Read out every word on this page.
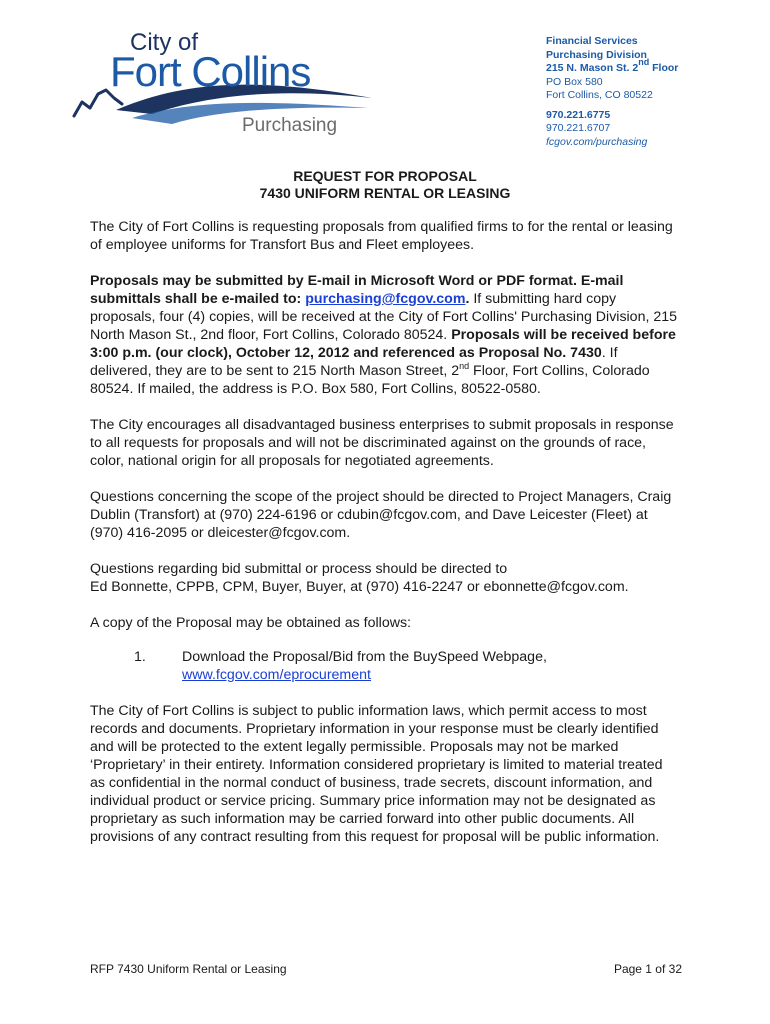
City of
Fort Collins
Purchasing
Financial Services
Purchasing Division
215 N. Mason St. 2nd Floor
PO Box 580
Fort Collins, CO 80522
970.221.6775
970.221.6707
fcgov.com/purchasing
REQUEST FOR PROPOSAL
7430 UNIFORM RENTAL OR LEASING

The City of Fort Collins is requesting proposals from qualified firms to for the rental or leasing of employee uniforms for Transfort Bus and Fleet employees.

Proposals may be submitted by E-mail in Microsoft Word or PDF format. E-mail submittals shall be e-mailed to: purchasing@fcgov.com. If submitting hard copy proposals, four (4) copies, will be received at the City of Fort Collins' Purchasing Division, 215 North Mason St., 2nd floor, Fort Collins, Colorado 80524. Proposals will be received before 3:00 p.m. (our clock), October 12, 2012 and referenced as Proposal No. 7430. If delivered, they are to be sent to 215 North Mason Street, 2nd Floor, Fort Collins, Colorado 80524. If mailed, the address is P.O. Box 580, Fort Collins, 80522-0580.

The City encourages all disadvantaged business enterprises to submit proposals in response to all requests for proposals and will not be discriminated against on the grounds of race, color, national origin for all proposals for negotiated agreements.

Questions concerning the scope of the project should be directed to Project Managers, Craig Dublin (Transfort) at (970) 224-6196 or cdubin@fcgov.com, and Dave Leicester (Fleet) at (970) 416-2095 or dleicester@fcgov.com.

Questions regarding bid submittal or process should be directed to
Ed Bonnette, CPPB, CPM, Buyer, Buyer, at (970) 416-2247 or ebonnette@fcgov.com.

A copy of the Proposal may be obtained as follows:

1.	Download the Proposal/Bid from the BuySpeed Webpage,
www.fcgov.com/eprocurement

The City of Fort Collins is subject to public information laws, which permit access to most records and documents. Proprietary information in your response must be clearly identified and will be protected to the extent legally permissible. Proposals may not be marked ‘Proprietary’ in their entirety. Information considered proprietary is limited to material treated as confidential in the normal conduct of business, trade secrets, discount information, and individual product or service pricing. Summary price information may not be designated as proprietary as such information may be carried forward into other public documents. All provisions of any contract resulting from this request for proposal will be public information.

RFP 7430 Uniform Rental or Leasing	Page 1 of 32
